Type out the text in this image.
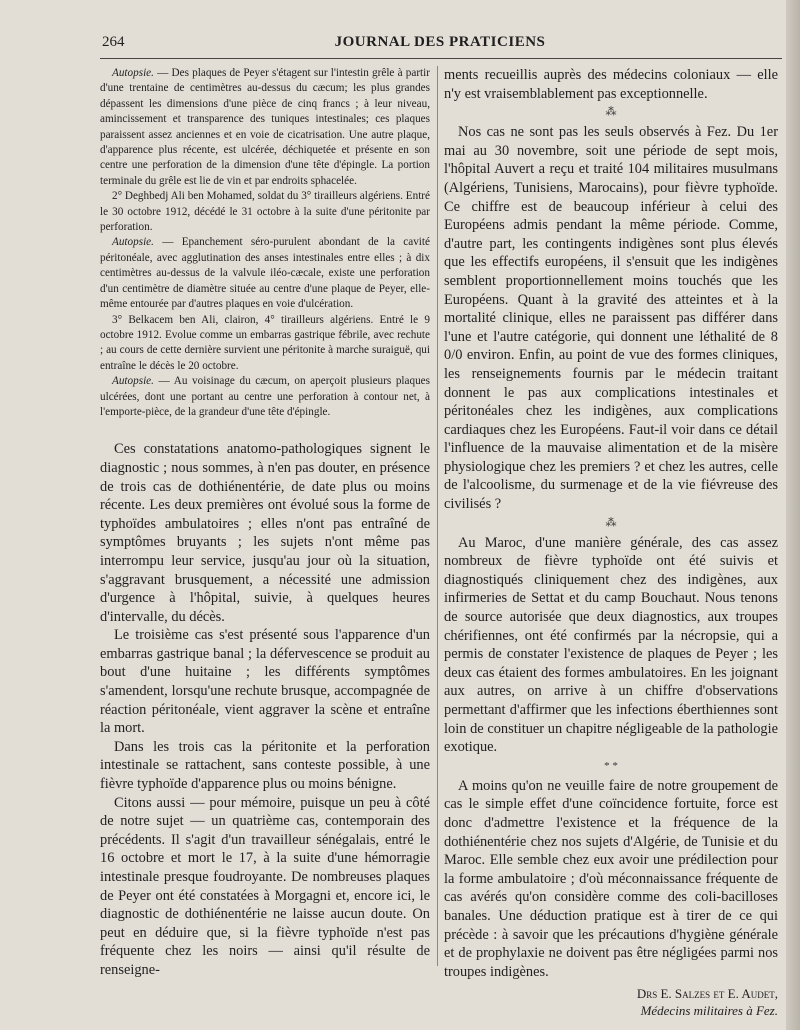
264	JOURNAL DES PRATICIENS

Autopsie. — Des plaques de Peyer s'étagent sur l'intestin grêle à partir d'une trentaine de centimètres au-dessus du cæcum; les plus grandes dépassent les dimensions d'une pièce de cinq francs ; à leur niveau, amincissement et transparence des tuniques intestinales; ces plaques paraissent assez anciennes et en voie de cicatrisation. Une autre plaque, d'apparence plus récente, est ulcérée, déchiquetée et présente en son centre une perforation de la dimension d'une tête d'épingle. La portion terminale du grêle est lie de vin et par endroits sphacelée.

2° Deghbedj Ali ben Mohamed, soldat du 3° tirailleurs algériens. Entré le 30 octobre 1912, décédé le 31 octobre à la suite d'une péritonite par perforation.

Autopsie. — Epanchement séro-purulent abondant de la cavité péritonéale, avec agglutination des anses intestinales entre elles ; à dix centimètres au-dessus de la valvule iléo-cæcale, existe une perforation d'un centimètre de diamètre située au centre d'une plaque de Peyer, elle-même entourée par d'autres plaques en voie d'ulcération.

3° Belkacem ben Ali, clairon, 4° tirailleurs algériens. Entré le 9 octobre 1912. Evolue comme un embarras gastrique fébrile, avec rechute ; au cours de cette dernière survient une péritonite à marche suraiguë, qui entraîne le décès le 20 octobre.

Autopsie. — Au voisinage du cæcum, on aperçoit plusieurs plaques ulcérées, dont une portant au centre une perforation à contour net, à l'emporte-pièce, de la grandeur d'une tête d'épingle.

Ces constatations anatomo-pathologiques signent le diagnostic ; nous sommes, à n'en pas douter, en présence de trois cas de dothiénentérie, de date plus ou moins récente. Les deux premières ont évolué sous la forme de typhoïdes ambulatoires ; elles n'ont pas entraîné de symptômes bruyants ; les sujets n'ont même pas interrompu leur service, jusqu'au jour où la situation, s'aggravant brusquement, a nécessité une admission d'urgence à l'hôpital, suivie, à quelques heures d'intervalle, du décès.

Le troisième cas s'est présenté sous l'apparence d'un embarras gastrique banal ; la défervescence se produit au bout d'une huitaine ; les différents symptômes s'amendent, lorsqu'une rechute brusque, accompagnée de réaction péritonéale, vient aggraver la scène et entraîne la mort.

Dans les trois cas la péritonite et la perforation intestinale se rattachent, sans conteste possible, à une fièvre typhoïde d'apparence plus ou moins bénigne.

Citons aussi — pour mémoire, puisque un peu à côté de notre sujet — un quatrième cas, contemporain des précédents. Il s'agit d'un travailleur sénégalais, entré le 16 octobre et mort le 17, à la suite d'une hémorragie intestinale presque foudroyante. De nombreuses plaques de Peyer ont été constatées à Morgagni et, encore ici, le diagnostic de dothiénentérie ne laisse aucun doute. On peut en déduire que, si la fièvre typhoïde n'est pas fréquente chez les noirs — ainsi qu'il résulte de renseigne-

ments recueillis auprès des médecins coloniaux — elle n'y est vraisemblablement pas exceptionnelle.

⁂

Nos cas ne sont pas les seuls observés à Fez. Du 1er mai au 30 novembre, soit une période de sept mois, l'hôpital Auvert a reçu et traité 104 militaires musulmans (Algériens, Tunisiens, Marocains), pour fièvre typhoïde. Ce chiffre est de beaucoup inférieur à celui des Européens admis pendant la même période. Comme, d'autre part, les contingents indigènes sont plus élevés que les effectifs européens, il s'ensuit que les indigènes semblent proportionnellement moins touchés que les Européens. Quant à la gravité des atteintes et à la mortalité clinique, elles ne paraissent pas différer dans l'une et l'autre catégorie, qui donnent une léthalité de 8 0/0 environ. Enfin, au point de vue des formes cliniques, les renseignements fournis par le médecin traitant donnent le pas aux complications intestinales et péritonéales chez les indigènes, aux complications cardiaques chez les Européens. Faut-il voir dans ce détail l'influence de la mauvaise alimentation et de la misère physiologique chez les premiers ? et chez les autres, celle de l'alcoolisme, du surmenage et de la vie fiévreuse des civilisés ?

⁂

Au Maroc, d'une manière générale, des cas assez nombreux de fièvre typhoïde ont été suivis et diagnostiqués cliniquement chez des indigènes, aux infirmeries de Settat et du camp Bouchaut. Nous tenons de source autorisée que deux diagnostics, aux troupes chérifiennes, ont été confirmés par la nécropsie, qui a permis de constater l'existence de plaques de Peyer ; les deux cas étaient des formes ambulatoires. En les joignant aux autres, on arrive à un chiffre d'observations permettant d'affirmer que les infections éberthiennes sont loin de constituer un chapitre négligeable de la pathologie exotique.

* *

A moins qu'on ne veuille faire de notre groupement de cas le simple effet d'une coïncidence fortuite, force est donc d'admettre l'existence et la fréquence de la dothiénentérie chez nos sujets d'Algérie, de Tunisie et du Maroc. Elle semble chez eux avoir une prédilection pour la forme ambulatoire ; d'où méconnaissance fréquente de cas avérés qu'on considère comme des coli-bacilloses banales. Une déduction pratique est à tirer de ce qui précède : à savoir que les précautions d'hygiène générale et de prophylaxie ne doivent pas être négligées parmi nos troupes indigènes.

Drs E. Salzes et E. Audet,
Médecins militaires à Fez.
